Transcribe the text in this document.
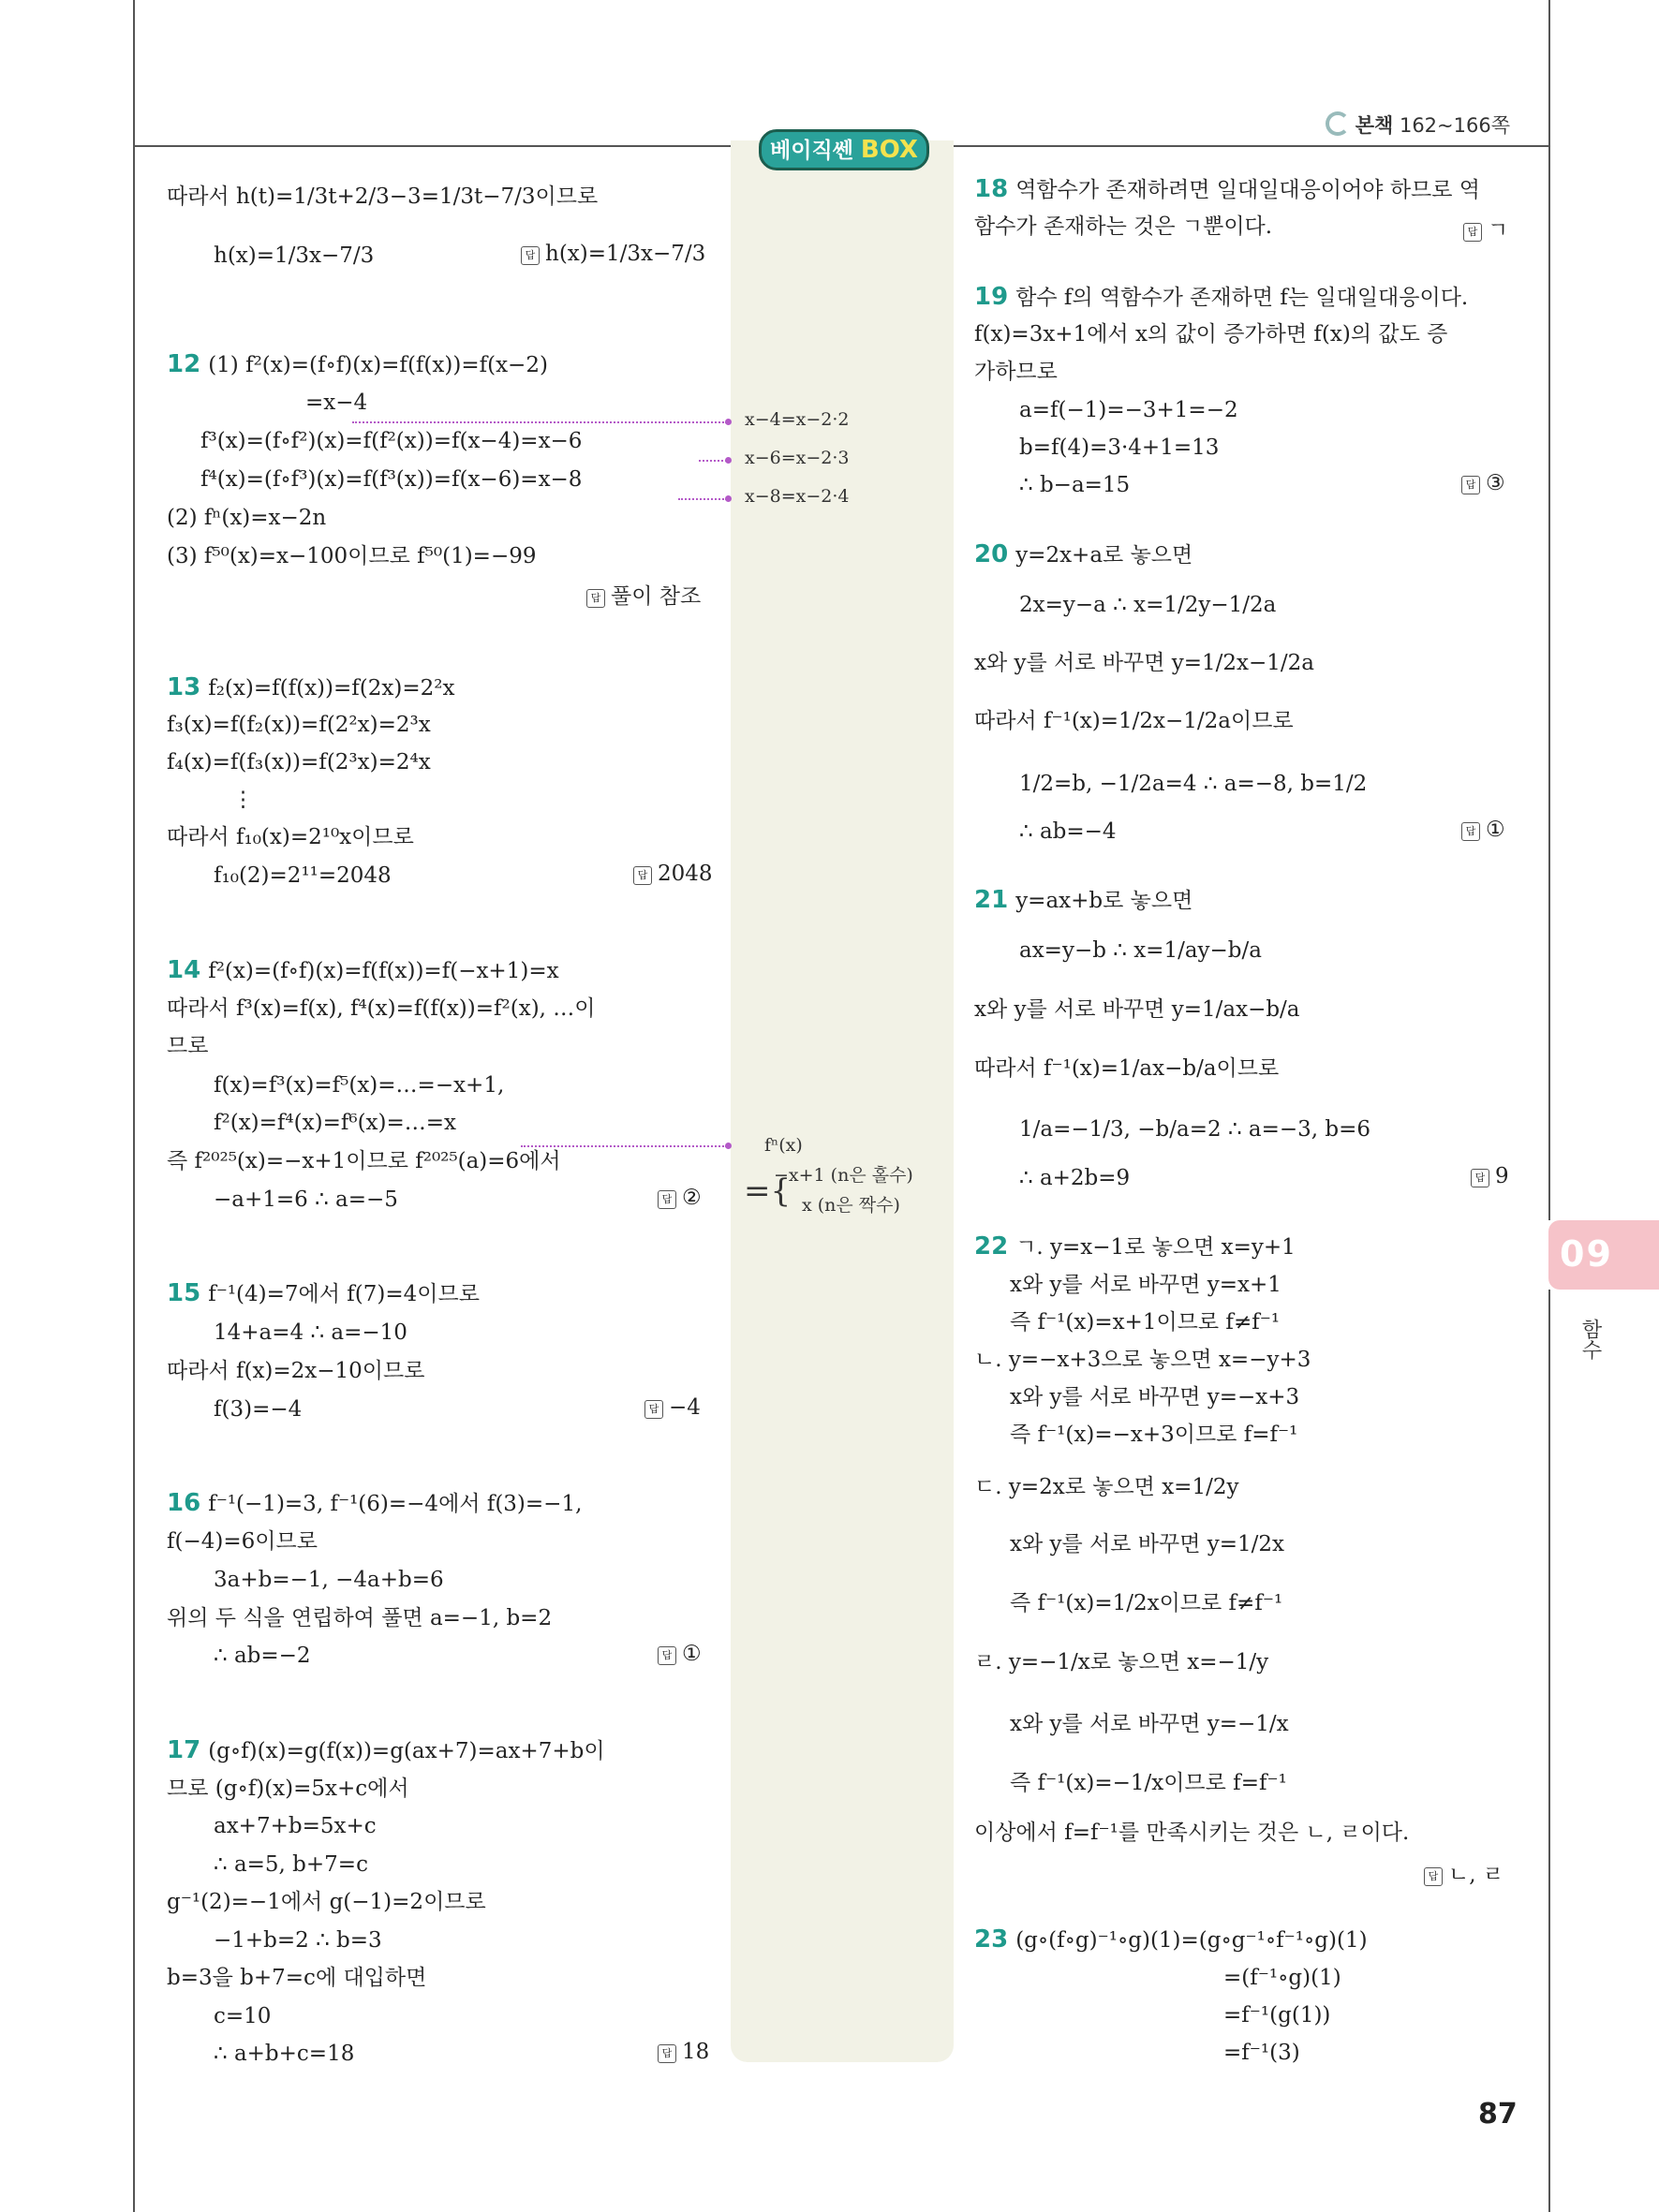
본책 162~166쪽
베이직쎈 BOX
따라서 h(t)=1/3t+2/3−3=1/3t−7/3이므로
h(x)=1/3x−7/3	답 h(x)=1/3x−7/3
12 (1) f²(x)=(f∘f)(x)=f(f(x))=f(x−2)
=x−4
f³(x)=(f∘f²)(x)=f(f²(x))=f(x−4)=x−6
f⁴(x)=(f∘f³)(x)=f(f³(x))=f(x−6)=x−8
(2) fⁿ(x)=x−2n
(3) f⁵⁰(x)=x−100이므로 f⁵⁰(1)=−99
답 풀이 참조
13 f₂(x)=f(f(x))=f(2x)=2²x
f₃(x)=f(f₂(x))=f(2²x)=2³x
f₄(x)=f(f₃(x))=f(2³x)=2⁴x
⋮
따라서 f₁₀(x)=2¹⁰x이므로
f₁₀(2)=2¹¹=2048	답 2048
14 f²(x)=(f∘f)(x)=f(f(x))=f(−x+1)=x
따라서 f³(x)=f(x), f⁴(x)=f(f(x))=f²(x), …이
므로
f(x)=f³(x)=f⁵(x)=…=−x+1,
f²(x)=f⁴(x)=f⁶(x)=…=x
즉 f²⁰²⁵(x)=−x+1이므로 f²⁰²⁵(a)=6에서
−a+1=6 ∴ a=−5	답 ②
15 f⁻¹(4)=7에서 f(7)=4이므로
14+a=4 ∴ a=−10
따라서 f(x)=2x−10이므로
f(3)=−4	답 −4
16 f⁻¹(−1)=3, f⁻¹(6)=−4에서 f(3)=−1,
f(−4)=6이므로
3a+b=−1, −4a+b=6
위의 두 식을 연립하여 풀면 a=−1, b=2
∴ ab=−2	답 ①
17 (g∘f)(x)=g(f(x))=g(ax+7)=ax+7+b이
므로 (g∘f)(x)=5x+c에서
ax+7+b=5x+c
∴ a=5, b+7=c
g⁻¹(2)=−1에서 g(−1)=2이므로
−1+b=2 ∴ b=3
b=3을 b+7=c에 대입하면
c=10
∴ a+b+c=18	답 18
x−4=x−2·2
x−6=x−2·3
x−8=x−2·4
fⁿ(x)
={
−x+1 (n은 홀수)
x (n은 짝수)
18 역함수가 존재하려면 일대일대응이어야 하므로 역
함수가 존재하는 것은 ㄱ뿐이다.	답 ㄱ
19 함수 f의 역함수가 존재하면 f는 일대일대응이다.
f(x)=3x+1에서 x의 값이 증가하면 f(x)의 값도 증
가하므로
a=f(−1)=−3+1=−2
b=f(4)=3·4+1=13
∴ b−a=15	답 ③
20 y=2x+a로 놓으면
2x=y−a ∴ x=1/2y−1/2a
x와 y를 서로 바꾸면 y=1/2x−1/2a
따라서 f⁻¹(x)=1/2x−1/2a이므로
1/2=b, −1/2a=4 ∴ a=−8, b=1/2
∴ ab=−4	답 ①
21 y=ax+b로 놓으면
ax=y−b ∴ x=1/ay−b/a
x와 y를 서로 바꾸면 y=1/ax−b/a
따라서 f⁻¹(x)=1/ax−b/a이므로
1/a=−1/3, −b/a=2 ∴ a=−3, b=6
∴ a+2b=9	답 9
22 ㄱ. y=x−1로 놓으면 x=y+1
x와 y를 서로 바꾸면 y=x+1
즉 f⁻¹(x)=x+1이므로 f≠f⁻¹
ㄴ. y=−x+3으로 놓으면 x=−y+3
x와 y를 서로 바꾸면 y=−x+3
즉 f⁻¹(x)=−x+3이므로 f=f⁻¹
ㄷ. y=2x로 놓으면 x=1/2y
x와 y를 서로 바꾸면 y=1/2x
즉 f⁻¹(x)=1/2x이므로 f≠f⁻¹
ㄹ. y=−1/x로 놓으면 x=−1/y
x와 y를 서로 바꾸면 y=−1/x
즉 f⁻¹(x)=−1/x이므로 f=f⁻¹
이상에서 f=f⁻¹를 만족시키는 것은 ㄴ, ㄹ이다.
답 ㄴ, ㄹ
23 (g∘(f∘g)⁻¹∘g)(1)=(g∘g⁻¹∘f⁻¹∘g)(1)
=(f⁻¹∘g)(1)
=f⁻¹(g(1))
=f⁻¹(3)
09
함수
87
